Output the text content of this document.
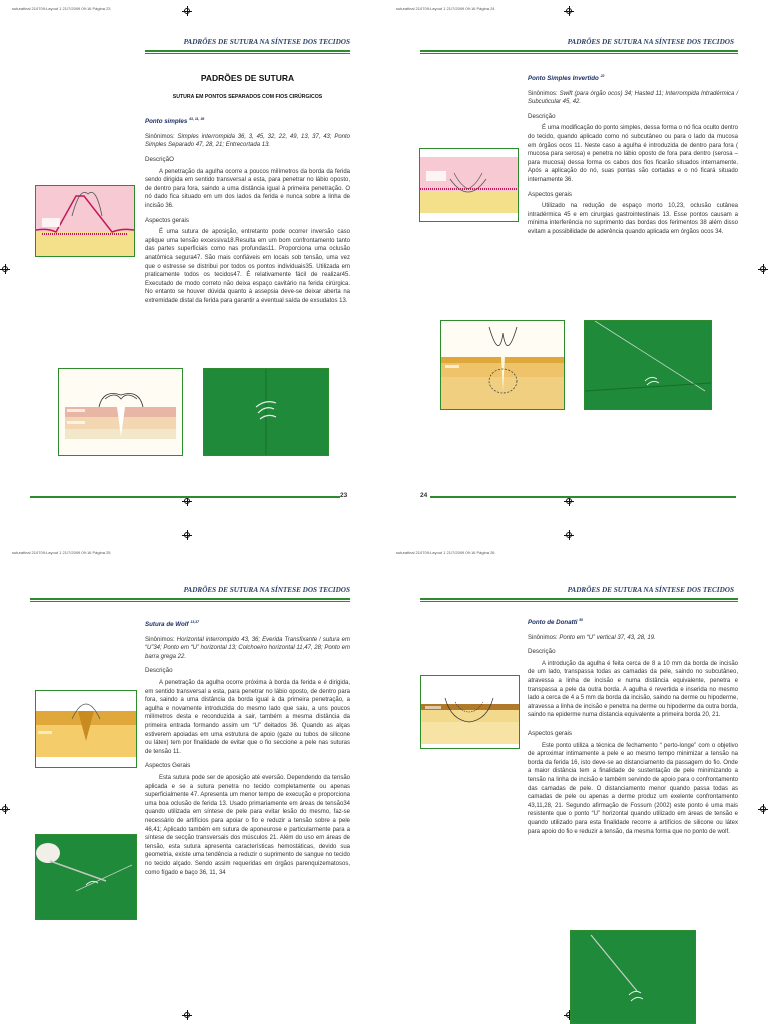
suturafinal 210709:Layout 1 21/7/2009 09:16 Página 23
PADRÕES DE SUTURA NA SÍNTESE DOS TECIDOS
PADRÕES DE SUTURA
SUTURA EM PONTOS SEPARADOS COM FIOS CIRÚRGICOS
Ponto simples $^{43, 11, 36}$

Sinônimos: Simples interrompida 36, 3, 45, 32, 22, 49, 13, 37, 43; Ponto Simples Separado 47, 28, 21; Entrecortada 13.

DescriçãO

A penetração da agulha ocorre a poucos milímetros da borda da ferida sendo dirigida em sentido transversal a esta, para penetrar no lábio oposto, de dentro para fora, saindo a uma distância igual à primeira penetração. O nó dado fica situado em um dos lados da ferida e nunca sobre a linha de incisão 36.

Aspectos gerais

É uma sutura de aposição, entretanto pode ocorrer inversão caso aplique uma tensão excessiva18.Resulta em um bom confrontamento tanto das partes superficiais como nas profundas11. Proporciona uma oclusão anatômica segura47. São mais confiáveis em locais sob tensão, uma vez que o estresse se distribui por todos os pontos individuais35. Utilizada em praticamente todos os tecidos47. É relativamente fácil de realizar45. Executado de modo correto não deixa espaço cavitário na ferida cirúrgica. No entanto se houver dúvida quanto à assepsia deve-se deixar aberta na extremidade distal da ferida para garantir a eventual saída de exsudatos 13.

23
suturafinal 210709:Layout 1 21/7/2009 09:16 Página 24
PADRÕES DE SUTURA NA SÍNTESE DOS TECIDOS
Ponto Simples Invertido $^{22}$

Sinônimos: Swift (para órgão ocos) 34; Hasted 11; Interrompida Intradérmica / Subcuticular 45, 42.

Descrição

É uma modificação do ponto simples, dessa forma o nó fica oculto dentro do tecido, quando aplicado como nó subcutâneo ou para o lado da mucosa em órgãos ocos 11. Neste caso a agulha é introduzida de dentro para fora ( mucosa para serosa) e penetra no lábio oposto de fora para dentro (serosa – para mucosa) dessa forma os cabos dos fios ficarão situados internamente. Após a aplicação do nó, suas pontas são cortadas e o nó ficará situado internamente 36.

Aspectos gerais

Utilizado na redução de espaço morto 10,23, oclusão cutânea intradérmica 45 e em cirurgias gastrointestinais 13. Esse pontos causam a mínima interferência no suprimento das bordas dos ferimentos 38 além disso evitam a possibilidade de aderência quando aplicada em órgãos ocos 34.

24
suturafinal 210709:Layout 1 21/7/2009 09:16 Página 25
PADRÕES DE SUTURA NA SÍNTESE DOS TECIDOS
Sutura de Wolf $^{13,37}$

Sinônimos: Horizontal interrompido 43, 36; Everida Transfixante / sutura em “U”34; Ponto em “U” horizontal 13; Colchoeiro horizontal 11,47, 28; Ponto em barra grega 22.

Descrição

A penetração da agulha ocorre próxima à borda da ferida e é dirigida, em sentido transversal a esta, para penetrar no lábio oposto, de dentro para fora, saindo a uma distância da borda igual à da primeira penetração, a agulha e novamente introduzida do mesmo lado que saiu, a uns poucos milímetros desta e reconduzida a sair, também a mesma distância da primeira entrada formando assim um “U” deitados 36. Quando as alças estiverem apoiadas em uma estrutura de apoio (gaze ou tubos de silicone ou látex) tem por finalidade de evitar que o fio seccione a pele nas suturas de tensão 11.

Aspectos Gerais

Esta sutura pode ser de aposição até eversão. Dependendo da tensão aplicada e se a sutura penetra no tecido completamente ou apenas superficialmente 47. Apresenta um menor tempo de execução e proporciona uma boa oclusão de ferida 13. Usado primariamente em áreas de tensão34 quando utilizada em síntese de pele para evitar lesão do mesmo, faz-se necessário de artifícios para apoiar o fio e reduzir a tensão sobre a pele 46,41; Aplicado também em sutura de aponeurose e particularmente para a síntese de secção transversais dos músculos 21. Além do uso em áreas de tensão, esta sutura apresenta características hemostáticas, devido sua geometria, existe uma tendência a reduzir o suprimento de sangue no tecido no tecido alçado. Sendo assim requeridas em órgãos parenquizematosos, como fígado e baço 36, 11, 34

suturafinal 210709:Layout 1 21/7/2009 09:16 Página 26
PADRÕES DE SUTURA NA SÍNTESE DOS TECIDOS
Ponto de Donatti $^{50}$

Sinônimos: Ponto em “U” vertical 37, 43, 28, 19.

Descrição

A introdução da agulha é feita cerca de 8 a 10 mm da borda de incisão de um lado, transpassa todas as camadas da pele, saindo no subcutâneo, atravessa a linha de incisão e numa distância equivalente, penetra e transpassa a pele da outra borda. A agulha é revertida e inserida no mesmo lado a cerca de 4 a 5 mm da borda da incisão, saindo na derme ou hipoderme, atravessa a linha de incisão e penetra na derme ou hipoderme da outra borda, saindo na epiderme numa distancia equivalente a primeira borda 20, 21.

Aspectos gerais

Este ponto utiliza a técnica de fechamento “ perto-longe” com o objetivo de aproximar intimamente a pele e ao mesmo tempo minimizar a tensão na borda da ferida 16, isto deve-se ao distanciamento da passagem do fio. Onde a maior distância tem a finalidade de sustentação de pele minimizando a tensão na linha de incisão e também servindo de apoio para o confrontamento das camadas de pele. O distanciamento menor quando passa todas as camadas de pele ou apenas a derme produz um exelente confrontamento 43,11,28, 21. Segundo afirmação de Fossum (2002) este ponto é uma mais resistente que o ponto “U” horizontal quando utilizado em áreas de tensão e quando utilizado para esta finalidade recorre a artifícios de silicone ou látex para apoio do fio e reduzir a tensão, da mesma forma que no ponto de wolf.
